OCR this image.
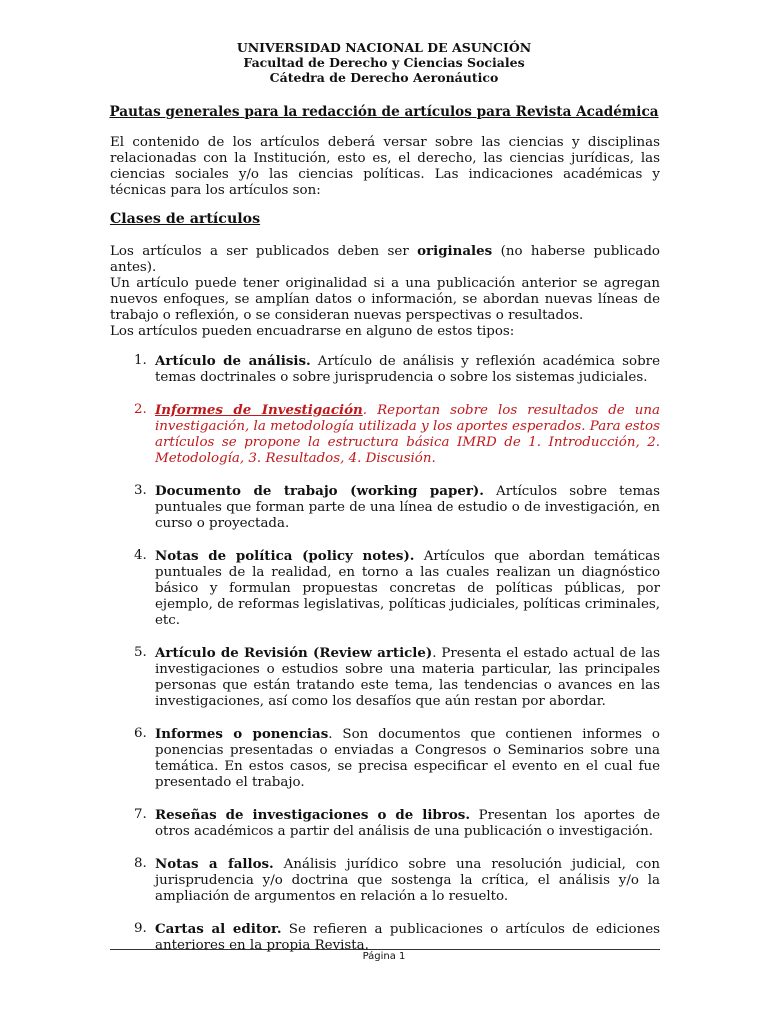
UNIVERSIDAD NACIONAL DE ASUNCIÓN
Facultad de Derecho y Ciencias Sociales
Cátedra de Derecho Aeronáutico
Pautas generales para la redacción de artículos para Revista Académica
El contenido de los artículos deberá versar sobre las ciencias y disciplinas relacionadas con la Institución, esto es, el derecho, las ciencias jurídicas, las ciencias sociales y/o las ciencias políticas. Las indicaciones académicas y técnicas para los artículos son:
Clases de artículos
Los artículos a ser publicados deben ser originales (no haberse publicado antes).
Un artículo puede tener originalidad si a una publicación anterior se agregan nuevos enfoques, se amplían datos o información, se abordan nuevas líneas de trabajo o reflexión, o se consideran nuevas perspectivas o resultados.
Los artículos pueden encuadrarse en alguno de estos tipos:
1. Artículo de análisis. Artículo de análisis y reflexión académica sobre temas doctrinales o sobre jurisprudencia o sobre los sistemas judiciales.
2. Informes de Investigación. Reportan sobre los resultados de una investigación, la metodología utilizada y los aportes esperados. Para estos artículos se propone la estructura básica IMRD de 1. Introducción, 2. Metodología, 3. Resultados, 4. Discusión.
3. Documento de trabajo (working paper). Artículos sobre temas puntuales que forman parte de una línea de estudio o de investigación, en curso o proyectada.
4. Notas de política (policy notes). Artículos que abordan temáticas puntuales de la realidad, en torno a las cuales realizan un diagnóstico básico y formulan propuestas concretas de políticas públicas, por ejemplo, de reformas legislativas, políticas judiciales, políticas criminales, etc.
5. Artículo de Revisión (Review article). Presenta el estado actual de las investigaciones o estudios sobre una materia particular, las principales personas que están tratando este tema, las tendencias o avances en las investigaciones, así como los desafíos que aún restan por abordar.
6. Informes o ponencias. Son documentos que contienen informes o ponencias presentadas o enviadas a Congresos o Seminarios sobre una temática. En estos casos, se precisa especificar el evento en el cual fue presentado el trabajo.
7. Reseñas de investigaciones o de libros. Presentan los aportes de otros académicos a partir del análisis de una publicación o investigación.
8. Notas a fallos. Análisis jurídico sobre una resolución judicial, con jurisprudencia y/o doctrina que sostenga la crítica, el análisis y/o la ampliación de argumentos en relación a lo resuelto.
9. Cartas al editor. Se refieren a publicaciones o artículos de ediciones anteriores en la propia Revista.
Página 1
